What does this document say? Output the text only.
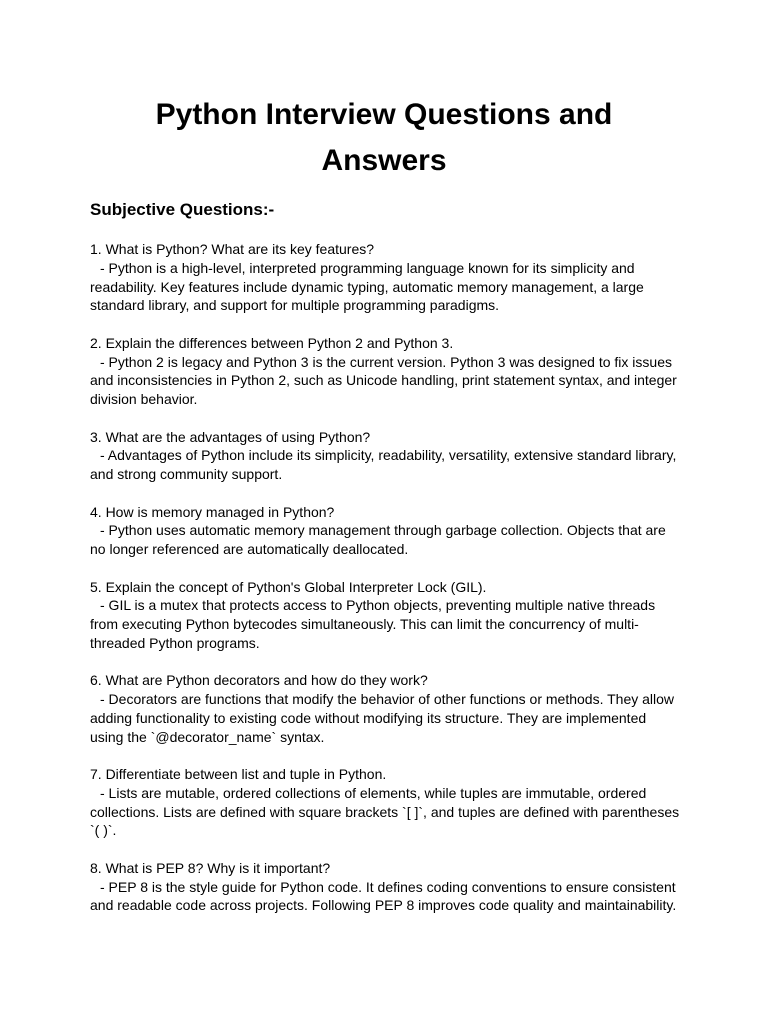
Python Interview Questions and Answers
Subjective Questions:-

1. What is Python? What are its key features?

- Python is a high-level, interpreted programming language known for its simplicity and readability. Key features include dynamic typing, automatic memory management, a large standard library, and support for multiple programming paradigms.

2. Explain the differences between Python 2 and Python 3.

- Python 2 is legacy and Python 3 is the current version. Python 3 was designed to fix issues and inconsistencies in Python 2, such as Unicode handling, print statement syntax, and integer division behavior.

3. What are the advantages of using Python?

- Advantages of Python include its simplicity, readability, versatility, extensive standard library, and strong community support.

4. How is memory managed in Python?

- Python uses automatic memory management through garbage collection. Objects that are no longer referenced are automatically deallocated.

5. Explain the concept of Python's Global Interpreter Lock (GIL).

- GIL is a mutex that protects access to Python objects, preventing multiple native threads from executing Python bytecodes simultaneously. This can limit the concurrency of multi-threaded Python programs.

6. What are Python decorators and how do they work?

- Decorators are functions that modify the behavior of other functions or methods. They allow adding functionality to existing code without modifying its structure. They are implemented using the `@decorator_name` syntax.

7. Differentiate between list and tuple in Python.

- Lists are mutable, ordered collections of elements, while tuples are immutable, ordered collections. Lists are defined with square brackets `[ ]`, and tuples are defined with parentheses `( )`.

8. What is PEP 8? Why is it important?

- PEP 8 is the style guide for Python code. It defines coding conventions to ensure consistent and readable code across projects. Following PEP 8 improves code quality and maintainability.
